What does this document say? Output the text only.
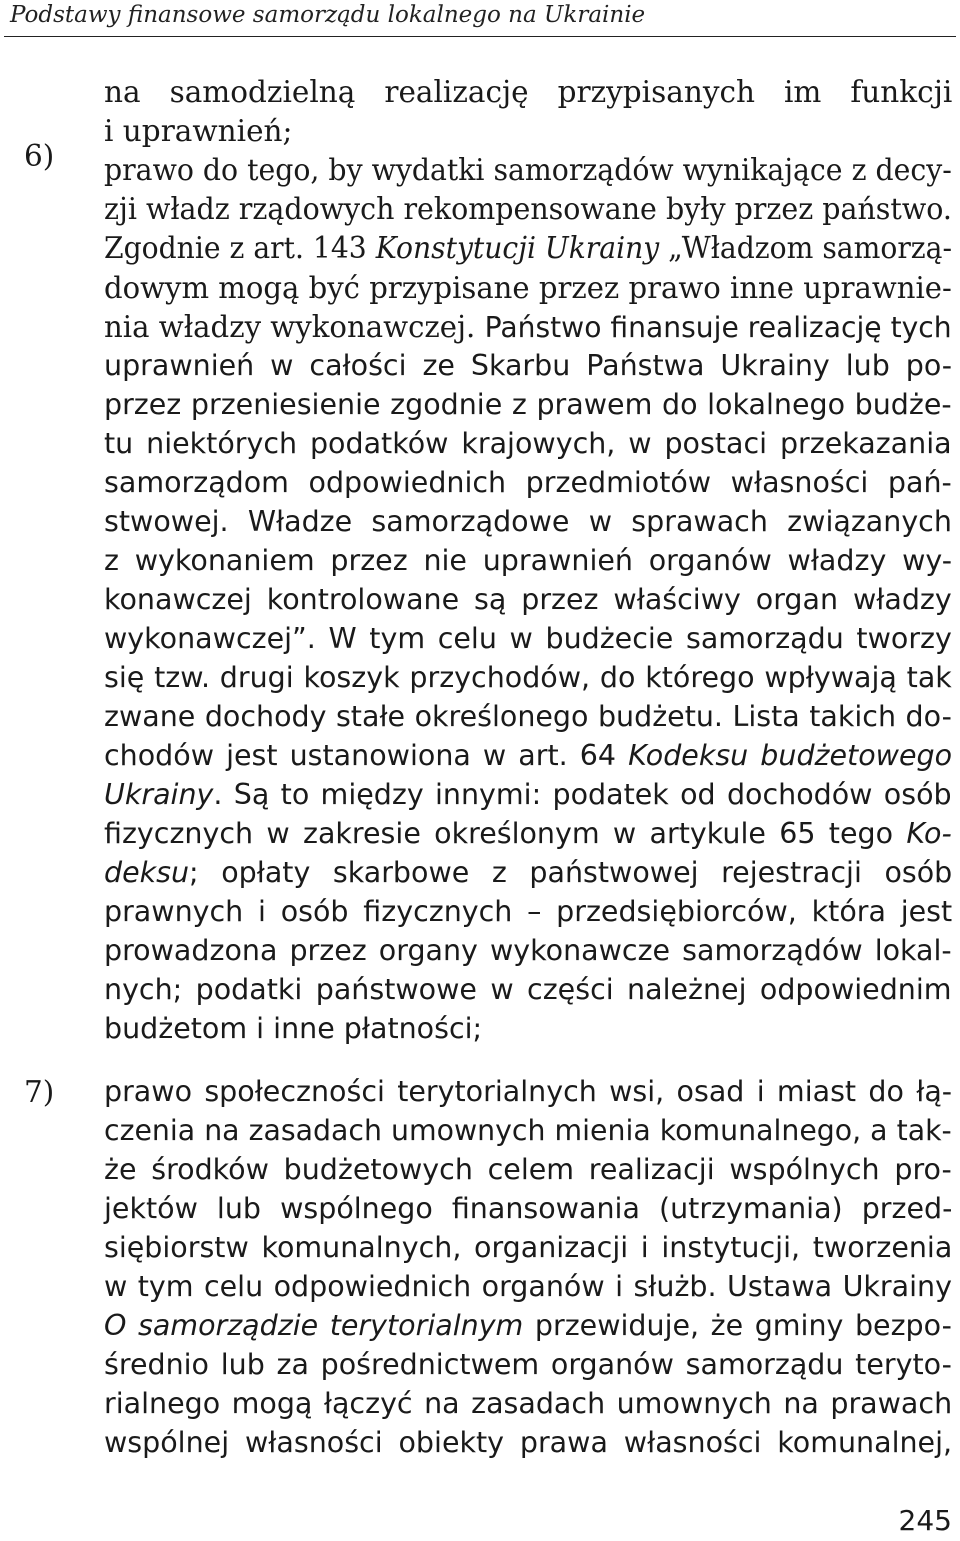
Podstawy finansowe samorządu lokalnego na Ukrainie
6)
7)
na samodzielną realizację przypisanych im funkcji
i uprawnień;
prawo do tego, by wydatki samorządów wynikające z decy-
zji władz rządowych rekompensowane były przez państwo.
Zgodnie z art. 143 Konstytucji Ukrainy „Władzom samorzą-
dowym mogą być przypisane przez prawo inne uprawnie-
nia władzy wykonawczej. Państwo finansuje realizację tych
uprawnień w całości ze Skarbu Państwa Ukrainy lub po-
przez przeniesienie zgodnie z prawem do lokalnego budże-
tu niektórych podatków krajowych, w postaci przekazania
samorządom odpowiednich przedmiotów własności pań-
stwowej. Władze samorządowe w sprawach związanych
z wykonaniem przez nie uprawnień organów władzy wy-
konawczej kontrolowane są przez właściwy organ władzy
wykonawczej”. W tym celu w budżecie samorządu tworzy
się tzw. drugi koszyk przychodów, do którego wpływają tak
zwane dochody stałe określonego budżetu. Lista takich do-
chodów jest ustanowiona w art. 64 Kodeksu budżetowego
Ukrainy. Są to między innymi: podatek od dochodów osób
fizycznych w zakresie określonym w artykule 65 tego Ko-
deksu; opłaty skarbowe z państwowej rejestracji osób
prawnych i osób fizycznych – przedsiębiorców, która jest
prowadzona przez organy wykonawcze samorządów lokal-
nych; podatki państwowe w części należnej odpowiednim
budżetom i inne płatności;
prawo społeczności terytorialnych wsi, osad i miast do łą-
czenia na zasadach umownych mienia komunalnego, a tak-
że środków budżetowych celem realizacji wspólnych pro-
jektów lub wspólnego finansowania (utrzymania) przed-
siębiorstw komunalnych, organizacji i instytucji, tworzenia
w tym celu odpowiednich organów i służb. Ustawa Ukrainy
O samorządzie terytorialnym przewiduje, że gminy bezpo-
średnio lub za pośrednictwem organów samorządu teryto-
rialnego mogą łączyć na zasadach umownych na prawach
wspólnej własności obiekty prawa własności komunalnej,
245
